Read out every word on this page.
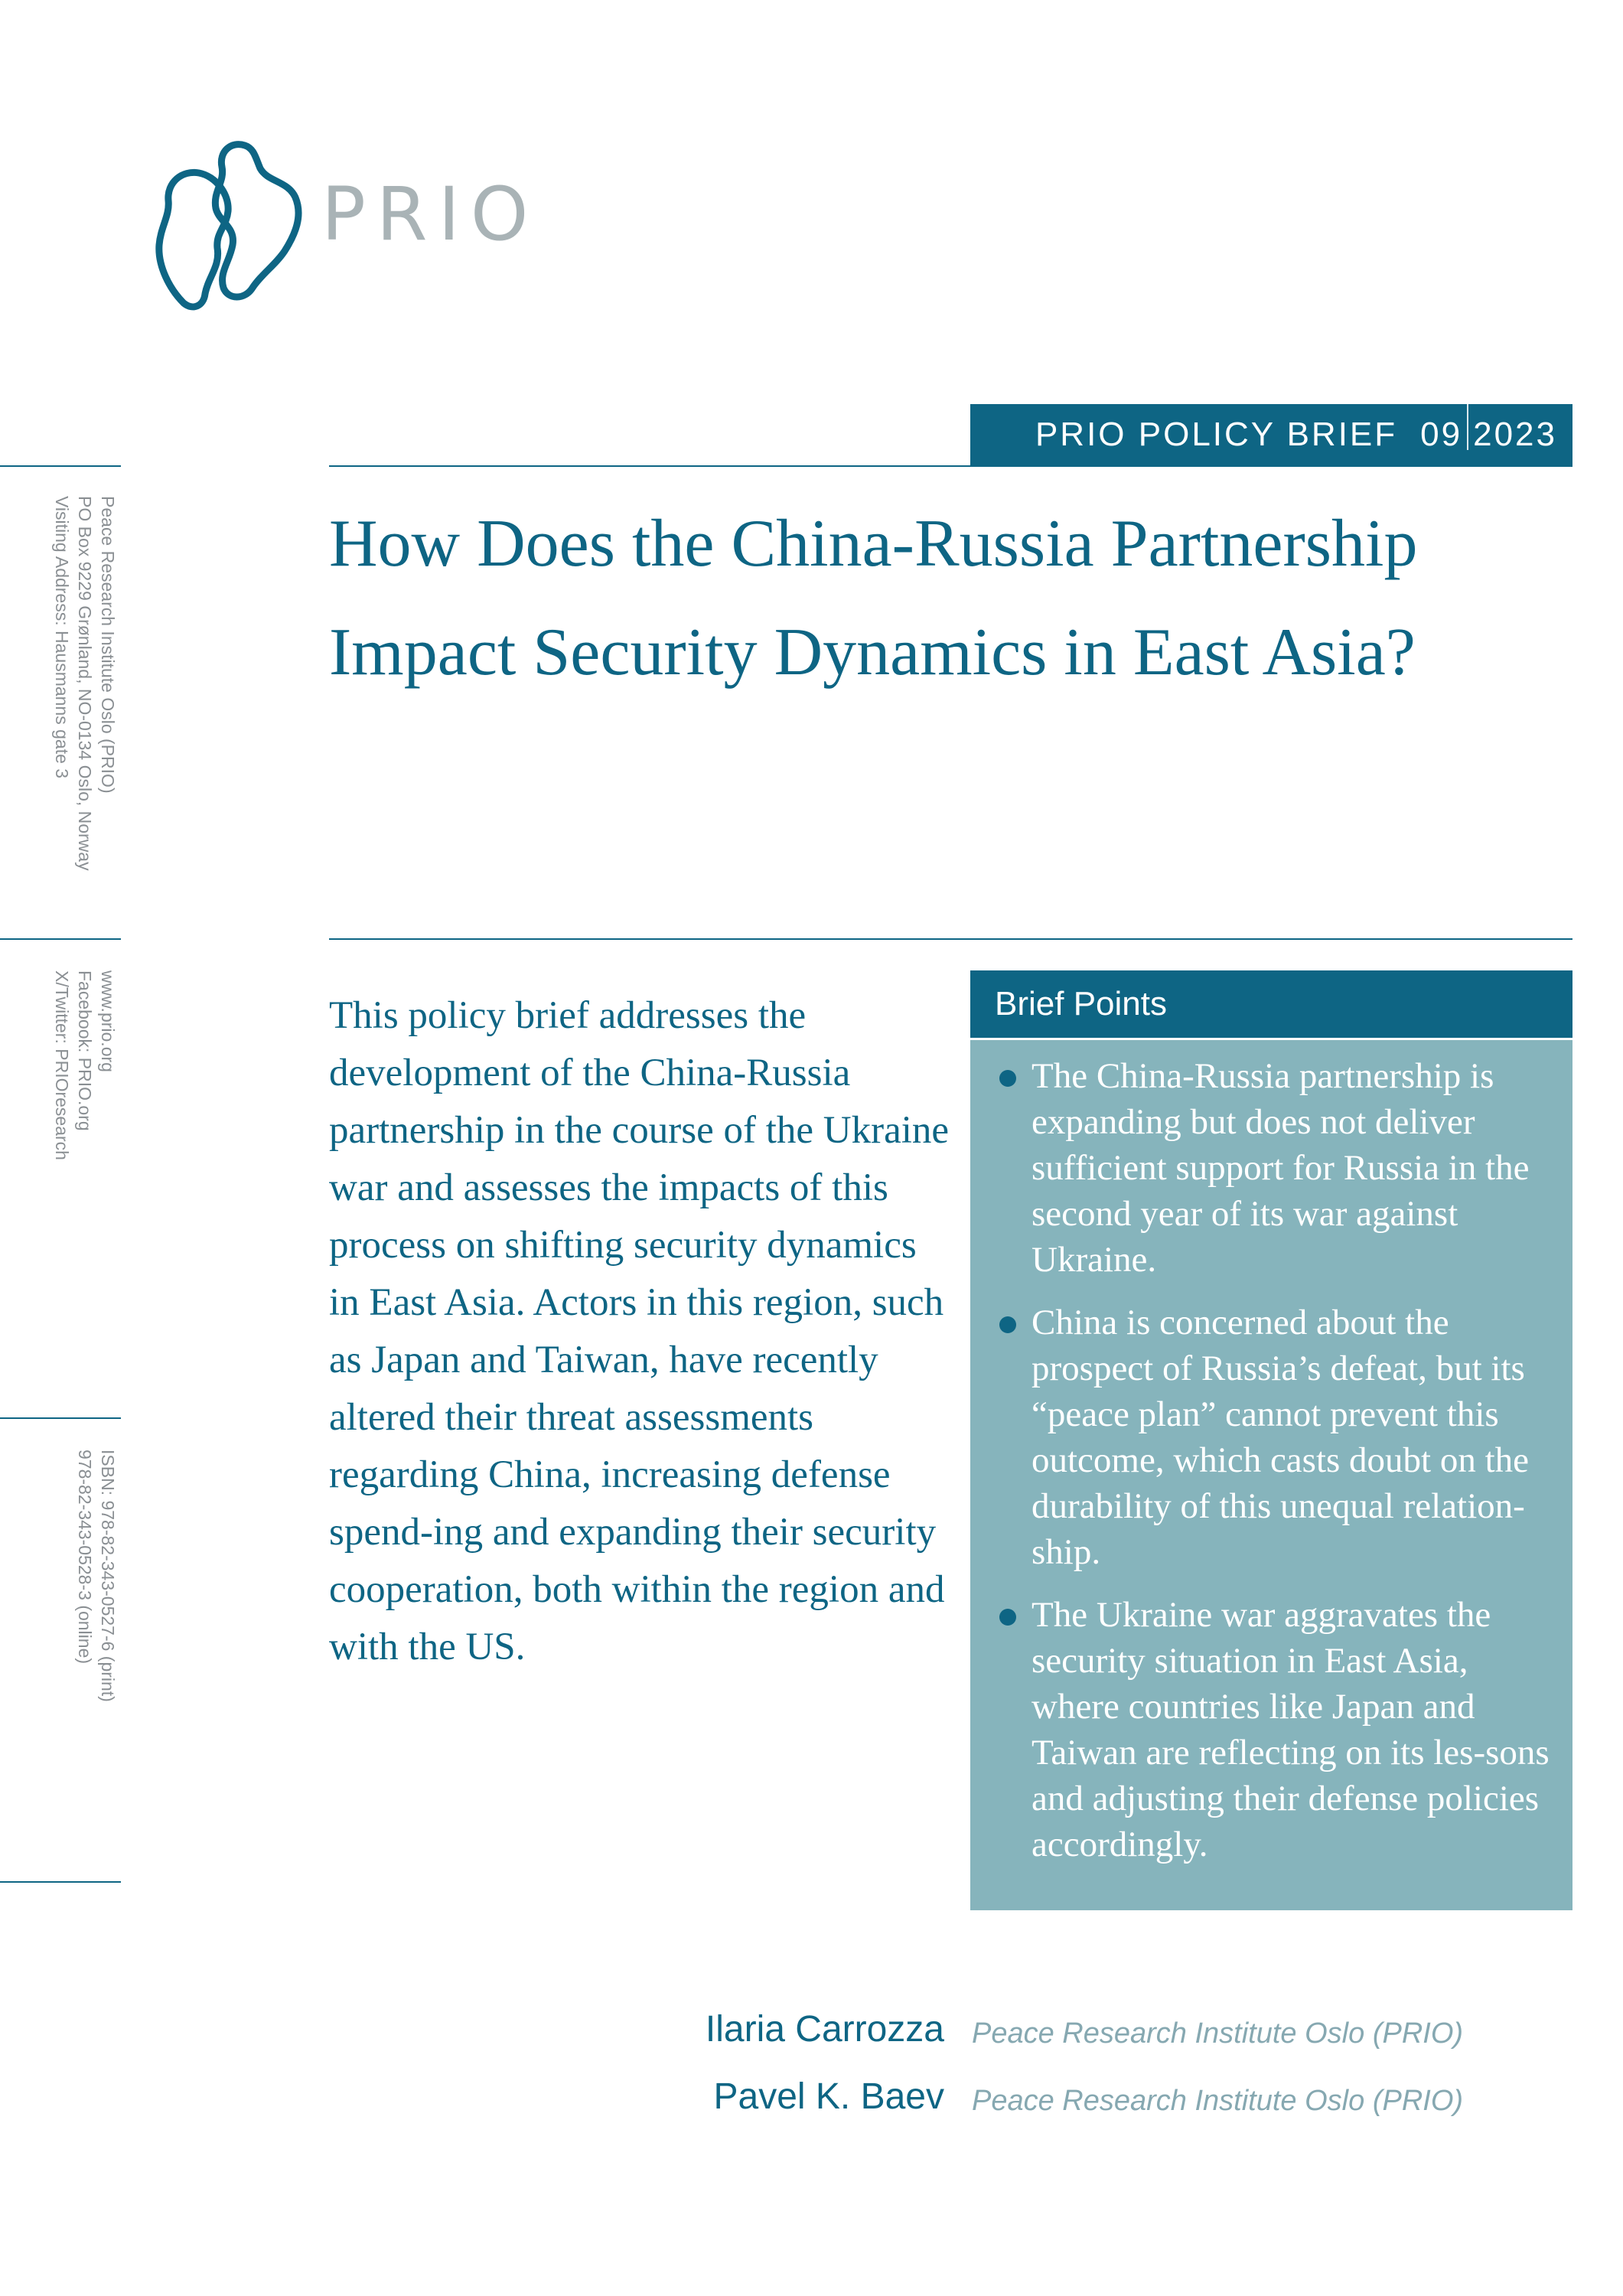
PRIO
PRIO POLICY BRIEF 09 2023
How Does the China-Russia Partnership Impact Security Dynamics in East Asia?
Peace Research Institute Oslo (PRIO)
PO Box 9229 Grønland, NO-0134 Oslo, Norway
Visiting Address: Hausmanns gate 3
www.prio.org
Facebook: PRIO.org
X/Twitter: PRIOresearch
ISBN: 978-82-343-0527-6 (print)
978-82-343-0528-3 (online)

This policy brief addresses the development of the China-Russia partnership in the course of the Ukraine war and assesses the impacts of this process on shifting security dynamics in East Asia. Actors in this region, such as Japan and Taiwan, have recently altered their threat assessments regarding China, increasing defense spend-ing and expanding their security cooperation, both within the region and with the US.

Brief Points
The China-Russia partnership is expanding but does not deliver sufficient support for Russia in the second year of its war against Ukraine.
China is concerned about the prospect of Russia’s defeat, but its “peace plan” cannot prevent this outcome, which casts doubt on the durability of this unequal relation-ship.
The Ukraine war aggravates the security situation in East Asia, where countries like Japan and Taiwan are reflecting on its les-sons and adjusting their defense policies accordingly.
Ilaria Carrozza Peace Research Institute Oslo (PRIO)
Pavel K. Baev Peace Research Institute Oslo (PRIO)
